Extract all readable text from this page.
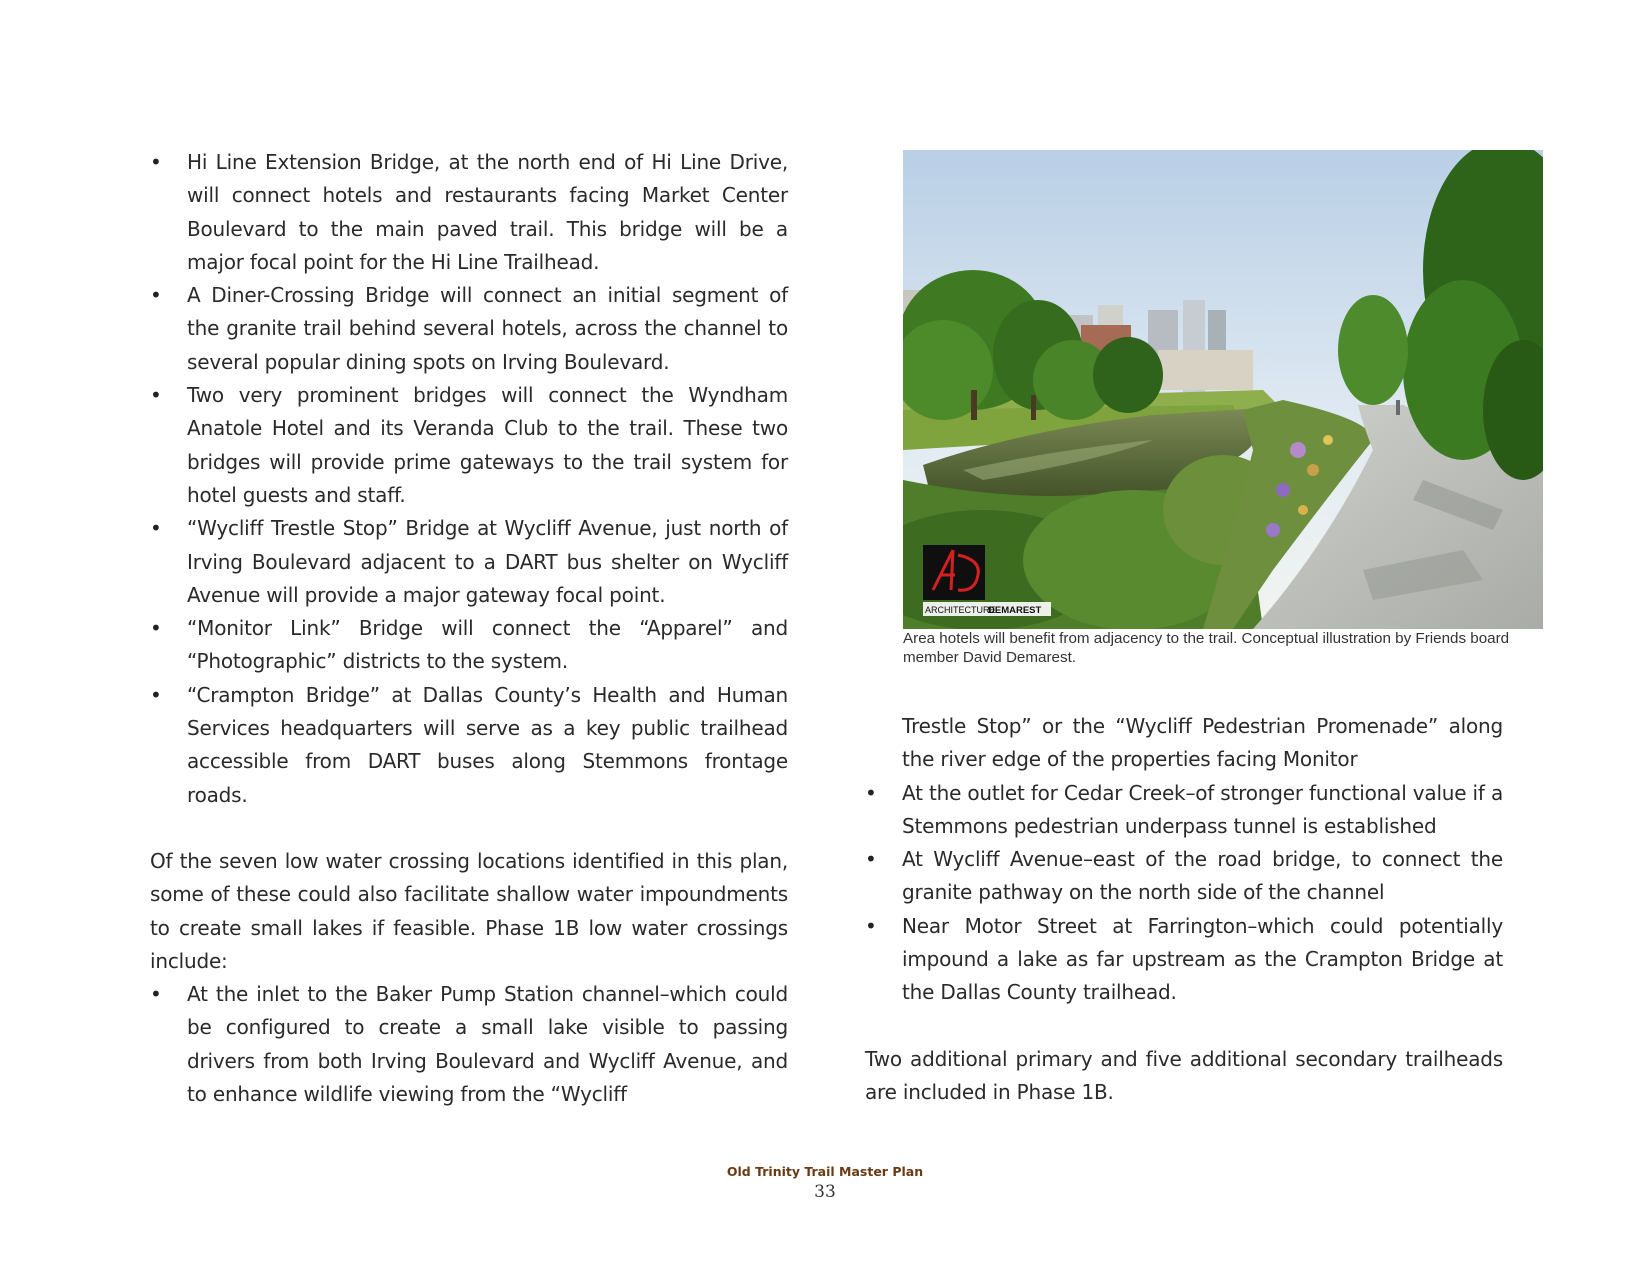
• Hi Line Extension Bridge, at the north end of Hi Line Drive, will connect hotels and restaurants facing Market Center Boulevard to the main paved trail. This bridge will be a major focal point for the Hi Line Trailhead.
• A Diner-Crossing Bridge will connect an initial segment of the granite trail behind several hotels, across the channel to several popular dining spots on Irving Boulevard.
• Two very prominent bridges will connect the Wyndham Anatole Hotel and its Veranda Club to the trail. These two bridges will provide prime gateways to the trail system for hotel guests and staff.
• “Wycliff Trestle Stop” Bridge at Wycliff Avenue, just north of Irving Boulevard adjacent to a DART bus shelter on Wycliff Avenue will provide a major gateway focal point.
• “Monitor Link” Bridge will connect the “Apparel” and “Photographic” districts to the system.
• “Crampton Bridge” at Dallas County’s Health and Human Services headquarters will serve as a key public trailhead accessible from DART buses along Stemmons frontage roads.

Of the seven low water crossing locations identified in this plan, some of these could also facilitate shallow water impoundments to create small lakes if feasible. Phase 1B low water crossings include:

• At the inlet to the Baker Pump Station channel–which could be configured to create a small lake visible to passing drivers from both Irving Boulevard and Wycliff Avenue, and to enhance wildlife viewing from the “Wycliff
ARCHITECTURE
DEMAREST
Area hotels will benefit from adjacency to the trail. Conceptual illustration by Friends board member David Demarest.

Trestle Stop” or the “Wycliff Pedestrian Promenade” along the river edge of the properties facing Monitor

• At the outlet for Cedar Creek–of stronger functional value if a Stemmons pedestrian underpass tunnel is established
• At Wycliff Avenue–east of the road bridge, to connect the granite pathway on the north side of the channel
• Near Motor Street at Farrington–which could potentially impound a lake as far upstream as the Crampton Bridge at the Dallas County trailhead.

Two additional primary and five additional secondary trailheads are included in Phase 1B.

Old Trinity Trail Master Plan
33
